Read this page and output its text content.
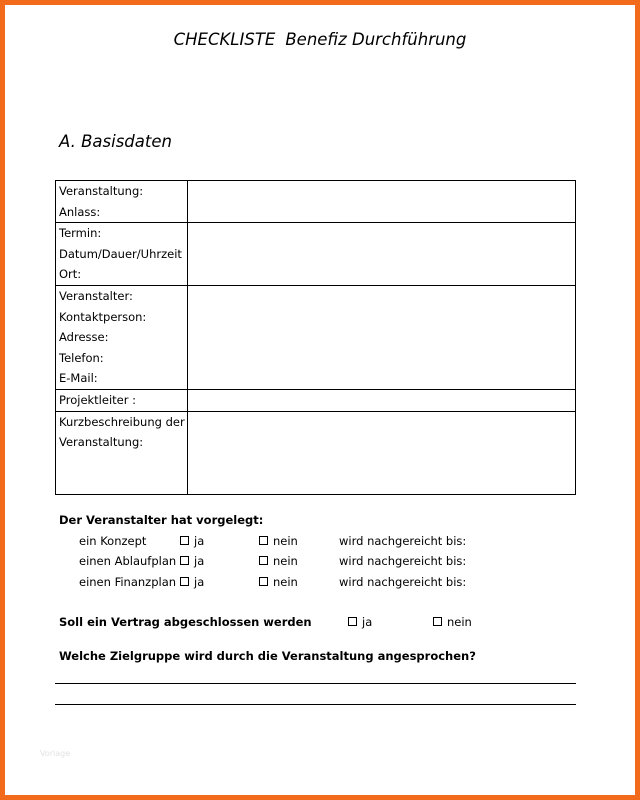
CHECKLISTE Benefiz Durchführung
A. Basisdaten
Veranstaltung:
Anlass:	

Termin:
Datum/Dauer/Uhrzeit
Ort:	

Veranstalter:
Kontaktperson:
Adresse:
Telefon:
E-Mail:	

Projektleiter :	

Kurzbeschreibung der
Veranstaltung:	

Der Veranstalter hat vorgelegt:
ein Konzept	ja	nein	wird nachgereicht bis:
einen Ablaufplan	ja	nein	wird nachgereicht bis:
einen Finanzplan	ja	nein	wird nachgereicht bis:
Soll ein Vertrag abgeschlossen werden	ja	nein
Welche Zielgruppe wird durch die Veranstaltung angesprochen?
Vorlage
